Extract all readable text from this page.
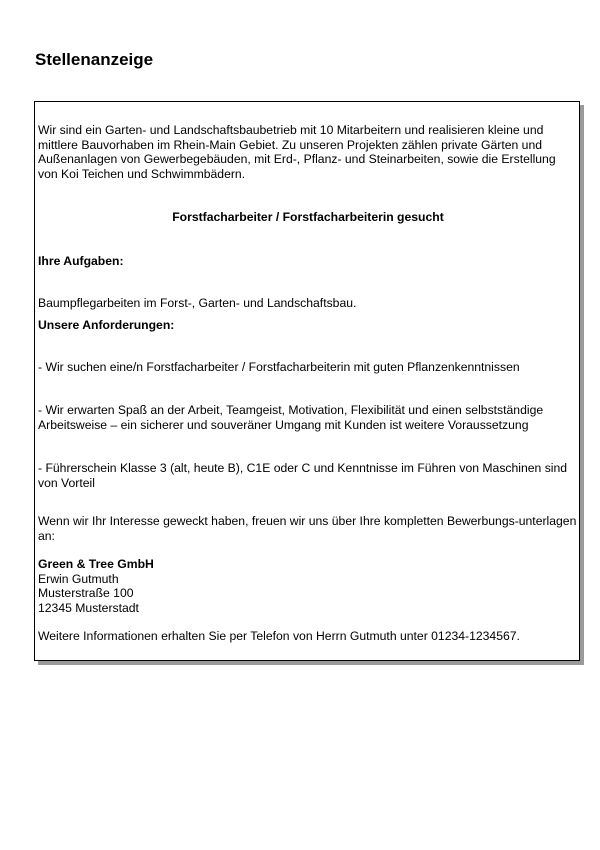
Stellenanzeige

Wir sind ein Garten- und Landschaftsbaubetrieb mit 10 Mitarbeitern und realisieren kleine und mittlere Bauvorhaben im Rhein-Main Gebiet. Zu unseren Projekten zählen private Gärten und Außenanlagen von Gewerbegebäuden, mit Erd-, Pflanz- und Steinarbeiten, sowie die Erstellung von Koi Teichen und Schwimmbädern.

Forstfacharbeiter / Forstfacharbeiterin gesucht

Ihre Aufgaben:

Baumpflegarbeiten im Forst-, Garten- und Landschaftsbau.

Unsere Anforderungen:

- Wir suchen eine/n Forstfacharbeiter / Forstfacharbeiterin mit guten Pflanzenkenntnissen

- Wir erwarten Spaß an der Arbeit, Teamgeist, Motivation, Flexibilität und einen selbstständige Arbeitsweise – ein sicherer und souveräner Umgang mit Kunden ist weitere Voraussetzung

- Führerschein Klasse 3 (alt, heute B), C1E oder C und Kenntnisse im Führen von Maschinen sind von Vorteil

Wenn wir Ihr Interesse geweckt haben, freuen wir uns über Ihre kompletten Bewerbungs-unterlagen an:

Green & Tree GmbH
Erwin Gutmuth
Musterstraße 100
12345 Musterstadt

Weitere Informationen erhalten Sie per Telefon von Herrn Gutmuth unter 01234-1234567.
